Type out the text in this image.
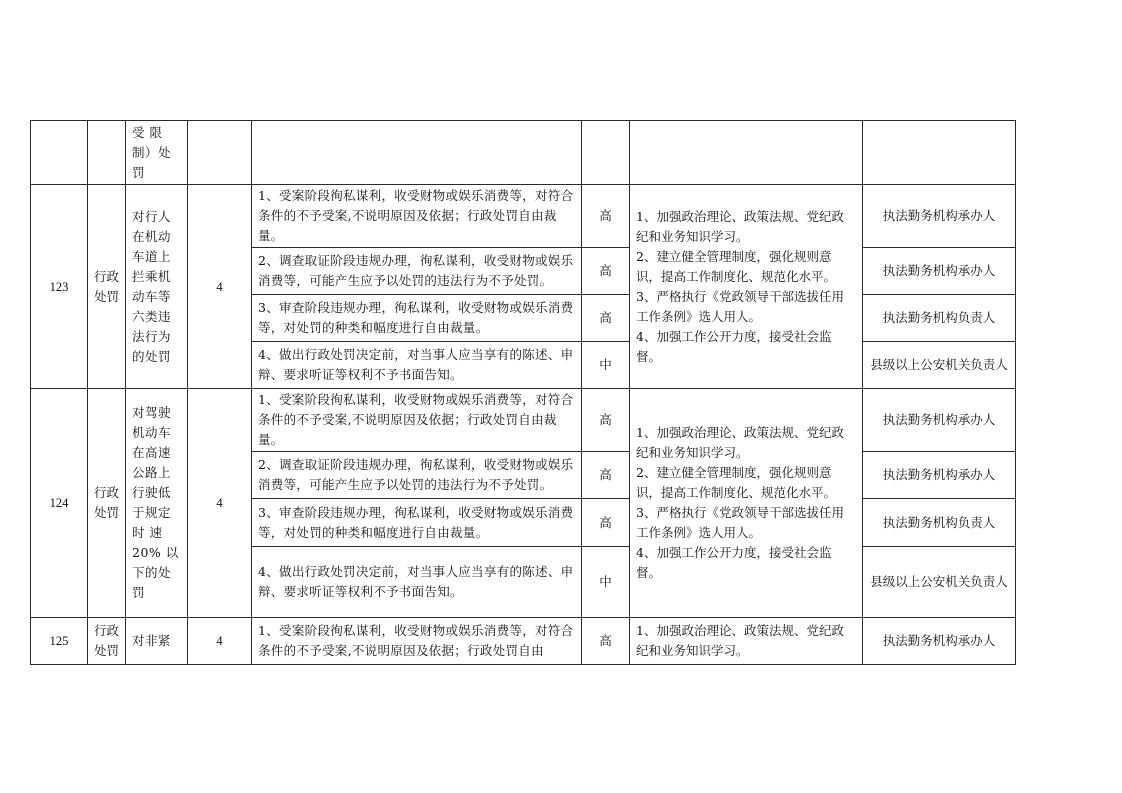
		受 限制）处罚					
123	行政处罚	对行人在机动车道上拦乘机动车等六类违法行为的处罚	4	1、受案阶段徇私谋利，收受财物或娱乐消费等，对符合条件的不予受案,不说明原因及依据；行政处罚自由裁量。	高	1、加强政治理论、政策法规、党纪政纪和业务知识学习。
2、建立健全管理制度，强化规则意识，提高工作制度化、规范化水平。
3、严格执行《党政领导干部选拔任用工作条例》选人用人。
4、加强工作公开力度，接受社会监督。	执法勤务机构承办人
				2、调查取证阶段违规办理，徇私谋利，收受财物或娱乐消费等，可能产生应予以处罚的违法行为不予处罚。	高		执法勤务机构承办人
				3、审查阶段违规办理，徇私谋利，收受财物或娱乐消费等，对处罚的种类和幅度进行自由裁量。	高		执法勤务机构负责人
				4、做出行政处罚决定前，对当事人应当享有的陈述、申辩、要求听证等权利不予书面告知。	中		县级以上公安机关负责人
124	行政处罚	对驾驶机动车在高速公路上行驶低于规定时 速 20% 以下的处罚	4	1、受案阶段徇私谋利，收受财物或娱乐消费等，对符合条件的不予受案,不说明原因及依据；行政处罚自由裁量。	高	1、加强政治理论、政策法规、党纪政纪和业务知识学习。
2、建立健全管理制度，强化规则意识，提高工作制度化、规范化水平。
3、严格执行《党政领导干部选拔任用工作条例》选人用人。
4、加强工作公开力度，接受社会监督。	执法勤务机构承办人
				2、调查取证阶段违规办理，徇私谋利，收受财物或娱乐消费等，可能产生应予以处罚的违法行为不予处罚。	高		执法勤务机构承办人
				3、审查阶段违规办理，徇私谋利，收受财物或娱乐消费等，对处罚的种类和幅度进行自由裁量。	高		执法勤务机构负责人
				4、做出行政处罚决定前，对当事人应当享有的陈述、申辩、要求听证等权利不予书面告知。	中		县级以上公安机关负责人
125	行政处罚	对非紧	4	1、受案阶段徇私谋利，收受财物或娱乐消费等，对符合条件的不予受案,不说明原因及依据；行政处罚自由	高	1、加强政治理论、政策法规、党纪政纪和业务知识学习。	执法勤务机构承办人
